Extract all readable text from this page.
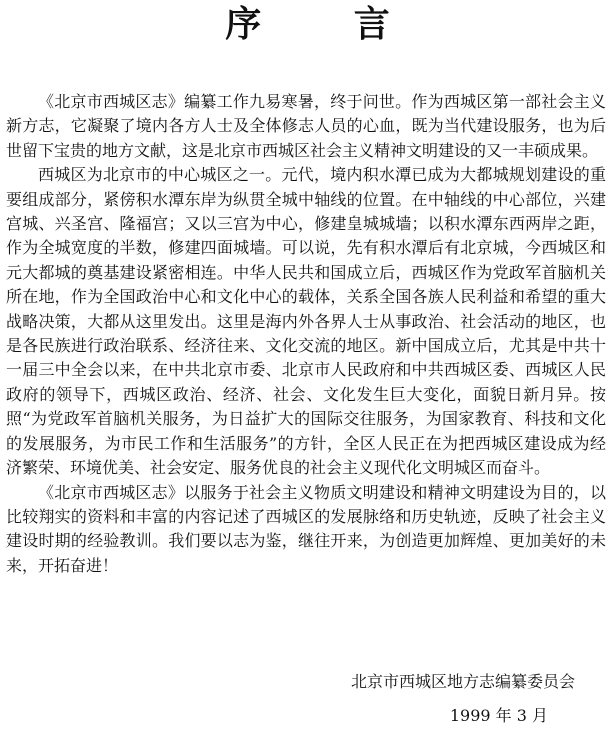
序 言

《北京市西城区志》编纂工作九易寒暑，终于问世。作为西城区第一部社会主义新方志，它凝聚了境内各方人士及全体修志人员的心血，既为当代建设服务，也为后世留下宝贵的地方文献，这是北京市西城区社会主义精神文明建设的又一丰硕成果。

西城区为北京市的中心城区之一。元代，境内积水潭已成为大都城规划建设的重要组成部分，紧傍积水潭东岸为纵贯全城中轴线的位置。在中轴线的中心部位，兴建宫城、兴圣宫、隆福宫；又以三宫为中心，修建皇城城墙；以积水潭东西两岸之距，作为全城宽度的半数，修建四面城墙。可以说，先有积水潭后有北京城，今西城区和元大都城的奠基建设紧密相连。中华人民共和国成立后，西城区作为党政军首脑机关所在地，作为全国政治中心和文化中心的载体，关系全国各族人民利益和希望的重大战略决策，大都从这里发出。这里是海内外各界人士从事政治、社会活动的地区，也是各民族进行政治联系、经济往来、文化交流的地区。新中国成立后，尤其是中共十一届三中全会以来，在中共北京市委、北京市人民政府和中共西城区委、西城区人民政府的领导下，西城区政治、经济、社会、文化发生巨大变化，面貌日新月异。按照“为党政军首脑机关服务，为日益扩大的国际交往服务，为国家教育、科技和文化的发展服务，为市民工作和生活服务”的方针，全区人民正在为把西城区建设成为经济繁荣、环境优美、社会安定、服务优良的社会主义现代化文明城区而奋斗。

《北京市西城区志》以服务于社会主义物质文明建设和精神文明建设为目的，以比较翔实的资料和丰富的内容记述了西城区的发展脉络和历史轨迹，反映了社会主义建设时期的经验教训。我们要以志为鉴，继往开来，为创造更加辉煌、更加美好的未来，开拓奋进！

北京市西城区地方志编纂委员会
1999 年 3 月
